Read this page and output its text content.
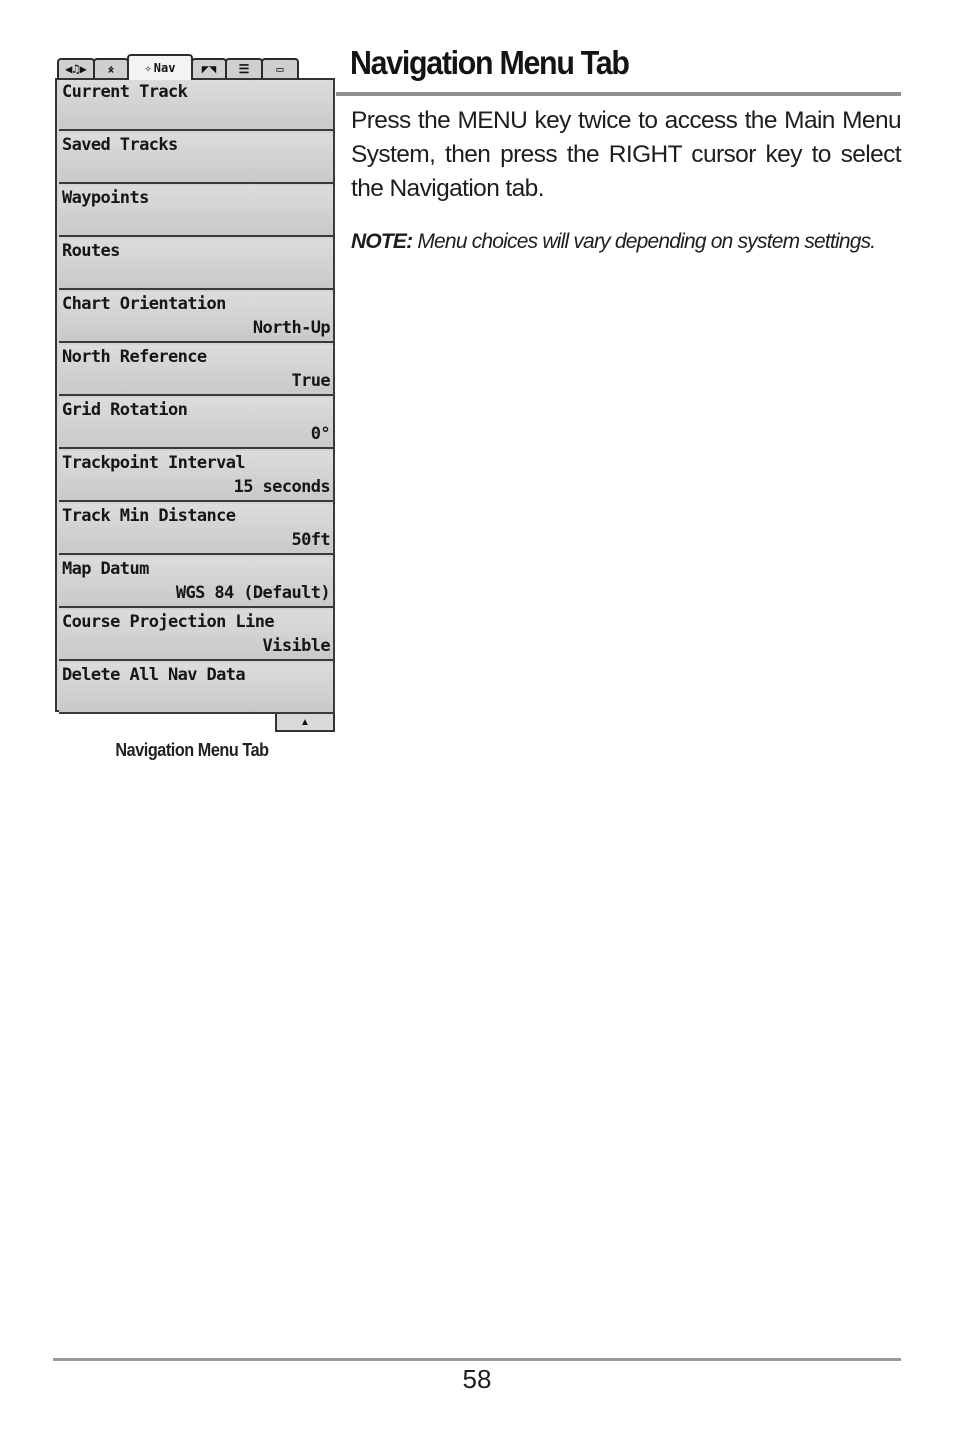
◀♫▶ ⨰	✧ Nav ◤◥ ☰ ▭
Current Track
Saved Tracks
Waypoints
Routes
Chart Orientation
North-Up
North Reference
True
Grid Rotation
0°
Trackpoint Interval
15 seconds
Track Min Distance
50ft
Map Datum
WGS 84 (Default)
Course Projection Line
Visible
Delete All Nav Data
▲
Navigation Menu Tab
Navigation Menu Tab

Press the MENU key twice to access the Main Menu System, then press the RIGHT cursor key to select the Navigation tab.

NOTE: Menu choices will vary depending on system settings.

58
